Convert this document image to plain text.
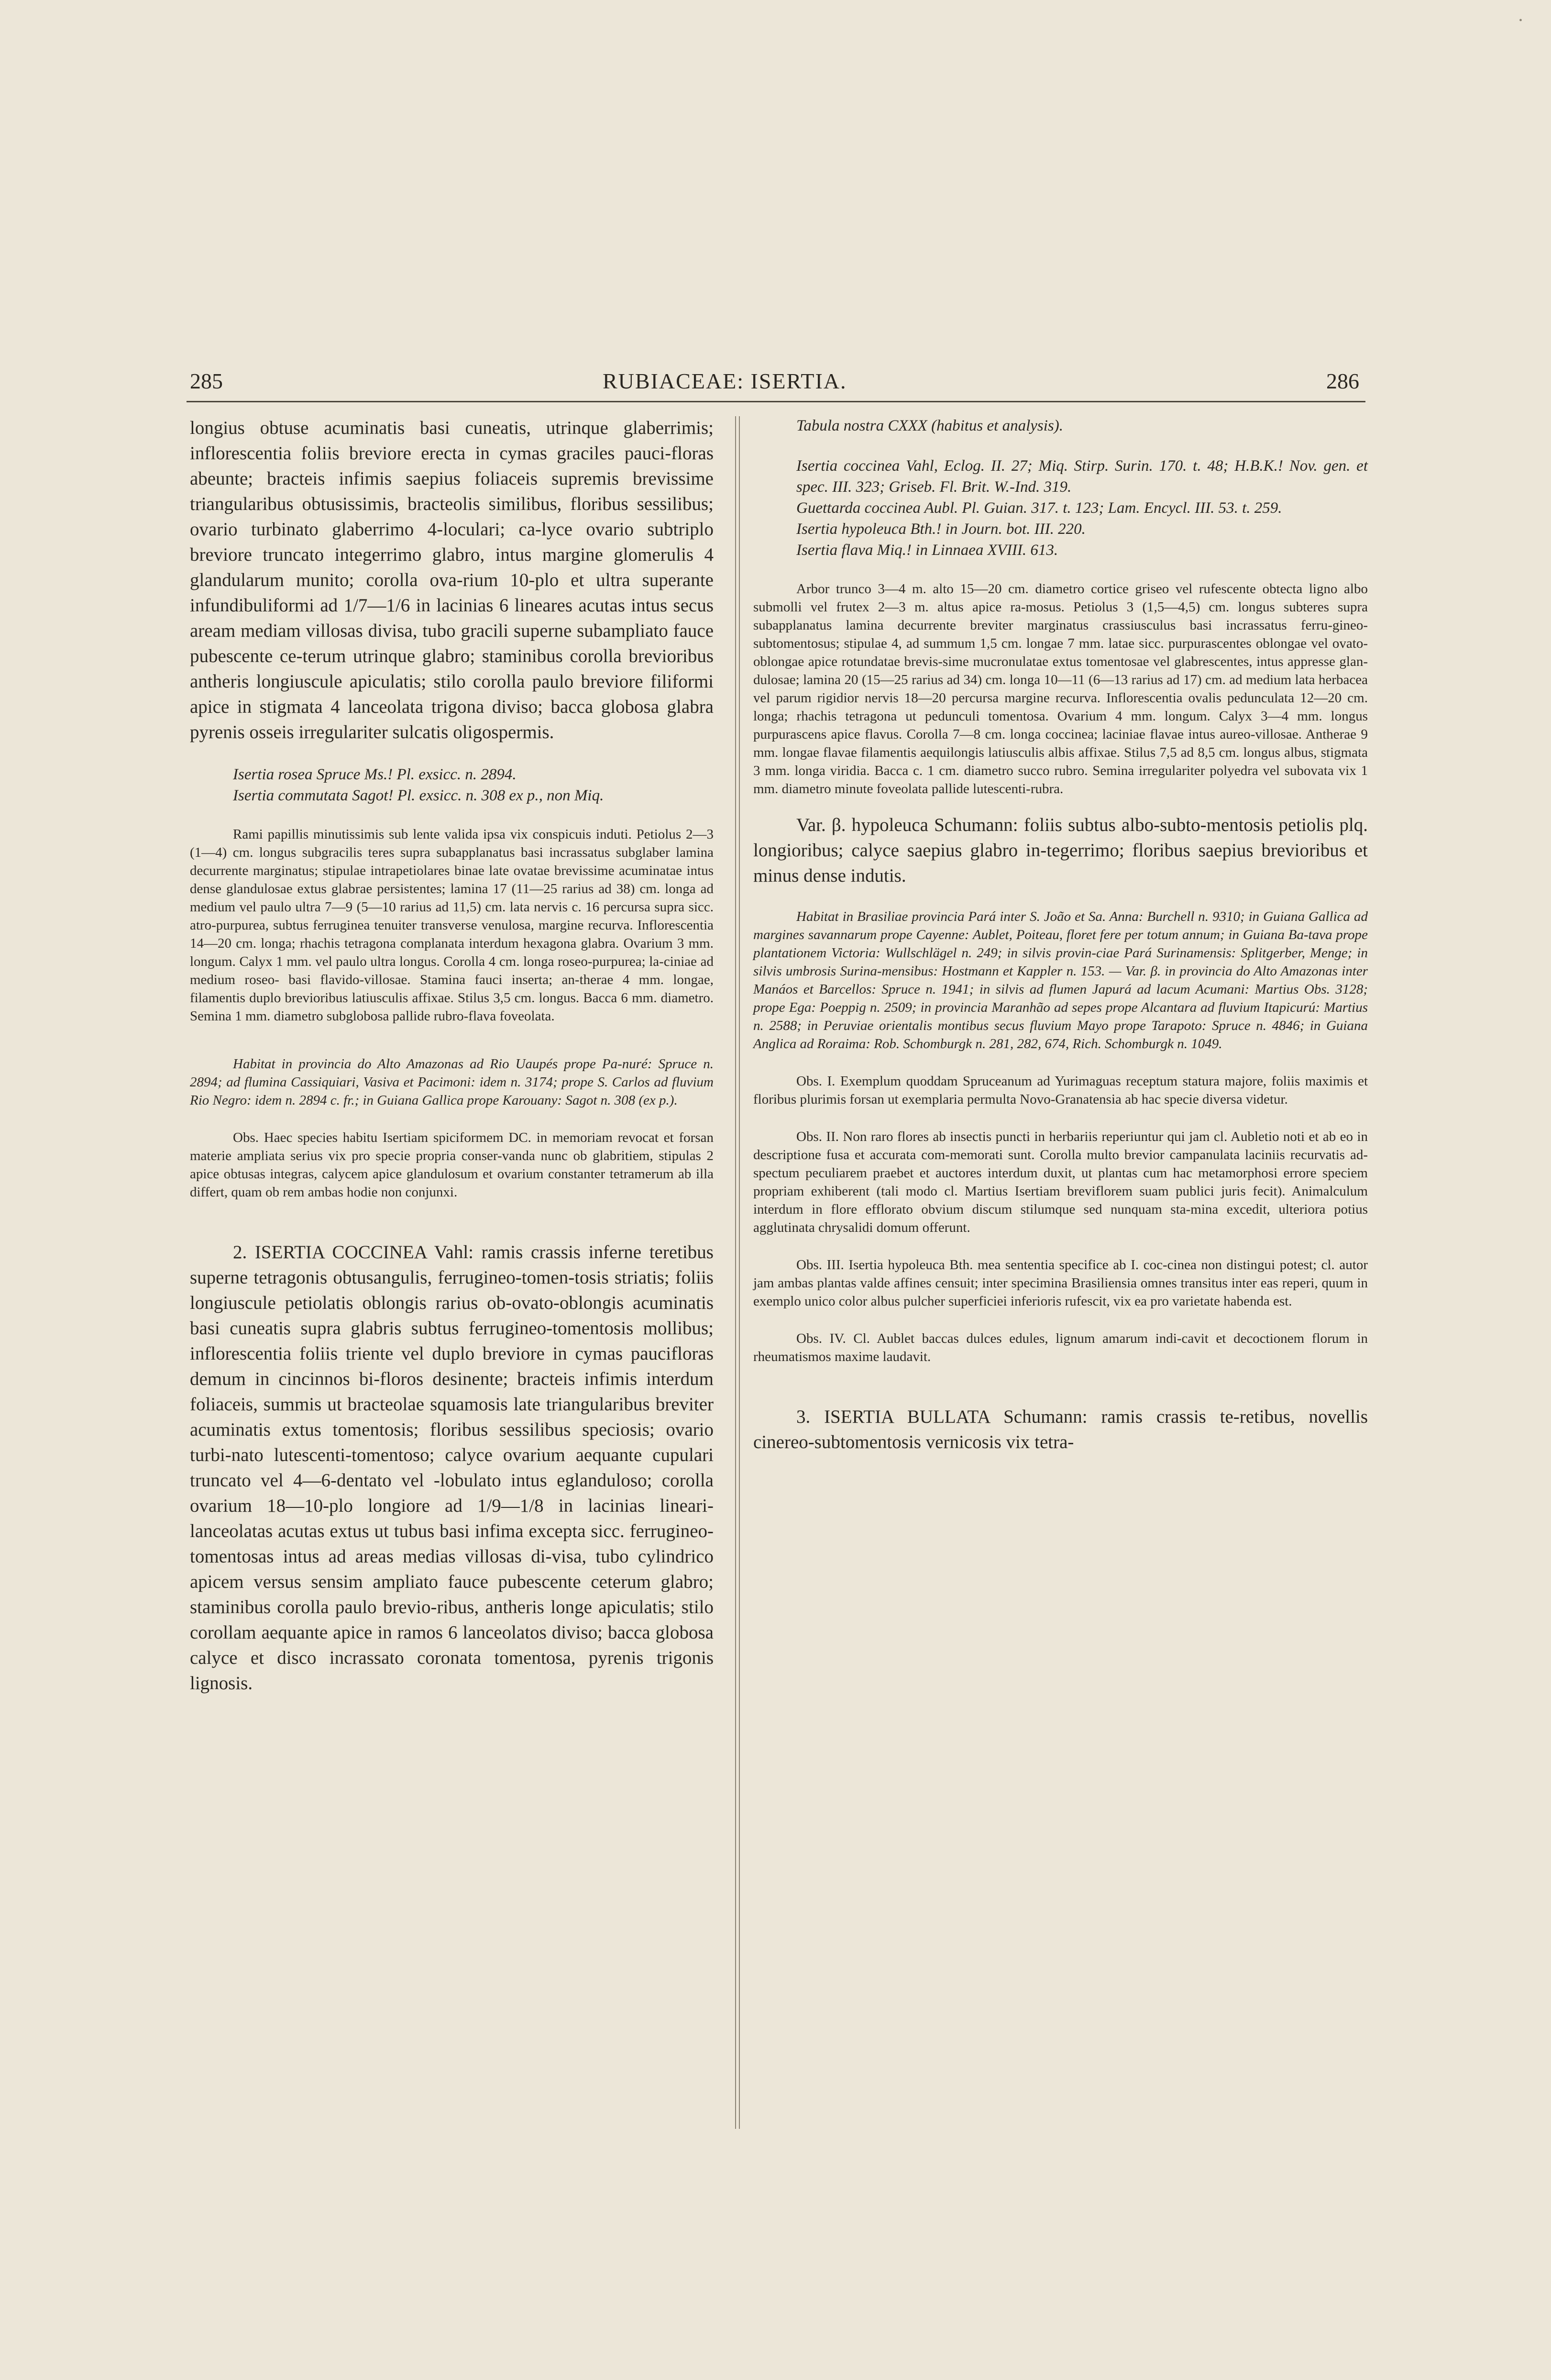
•
285	RUBIACEAE: ISERTIA.	286

longius obtuse acuminatis basi cuneatis, utrinque glaberrimis; inflorescentia foliis breviore erecta in cymas graciles pauci-floras abeunte; bracteis infimis saepius foliaceis supremis brevissime triangularibus obtusissimis, bracteolis similibus, floribus sessilibus; ovario turbinato glaberrimo 4-loculari; ca-lyce ovario subtriplo breviore truncato integerrimo glabro, intus margine glomerulis 4 glandularum munito; corolla ova-rium 10-plo et ultra superante infundibuliformi ad 1/7—1/6 in lacinias 6 lineares acutas intus secus aream mediam villosas divisa, tubo gracili superne subampliato fauce pubescente ce-terum utrinque glabro; staminibus corolla brevioribus antheris longiuscule apiculatis; stilo corolla paulo breviore filiformi apice in stigmata 4 lanceolata trigona diviso; bacca globosa glabra pyrenis osseis irregulariter sulcatis oligospermis.

Isertia rosea Spruce Ms.! Pl. exsicc. n. 2894.

Isertia commutata Sagot! Pl. exsicc. n. 308 ex p., non Miq.

Rami papillis minutissimis sub lente valida ipsa vix conspicuis induti. Petiolus 2—3 (1—4) cm. longus subgracilis teres supra subapplanatus basi incrassatus subglaber lamina decurrente marginatus; stipulae intrapetiolares binae late ovatae brevissime acuminatae intus dense glandulosae extus glabrae persistentes; lamina 17 (11—25 rarius ad 38) cm. longa ad medium vel paulo ultra 7—9 (5—10 rarius ad 11,5) cm. lata nervis c. 16 percursa supra sicc. atro-purpurea, subtus ferruginea tenuiter transverse venulosa, margine recurva. Inflorescentia 14—20 cm. longa; rhachis tetragona complanata interdum hexagona glabra. Ovarium 3 mm. longum. Calyx 1 mm. vel paulo ultra longus. Corolla 4 cm. longa roseo-purpurea; la-ciniae ad medium roseo- basi flavido-villosae. Stamina fauci inserta; an-therae 4 mm. longae, filamentis duplo brevioribus latiusculis affixae. Stilus 3,5 cm. longus. Bacca 6 mm. diametro. Semina 1 mm. diametro subglobosa pallide rubro-flava foveolata.

Habitat in provincia do Alto Amazonas ad Rio Uaupés prope Pa-nuré: Spruce n. 2894; ad flumina Cassiquiari, Vasiva et Pacimoni: idem n. 3174; prope S. Carlos ad fluvium Rio Negro: idem n. 2894 c. fr.; in Guiana Gallica prope Karouany: Sagot n. 308 (ex p.).

Obs. Haec species habitu Isertiam spiciformem DC. in memoriam revocat et forsan materie ampliata serius vix pro specie propria conser-vanda nunc ob glabritiem, stipulas 2 apice obtusas integras, calycem apice glandulosum et ovarium constanter tetramerum ab illa differt, quam ob rem ambas hodie non conjunxi.

2. ISERTIA COCCINEA Vahl: ramis crassis inferne teretibus superne tetragonis obtusangulis, ferrugineo-tomen-tosis striatis; foliis longiuscule petiolatis oblongis rarius ob-ovato-oblongis acuminatis basi cuneatis supra glabris subtus ferrugineo-tomentosis mollibus; inflorescentia foliis triente vel duplo breviore in cymas paucifloras demum in cincinnos bi-floros desinente; bracteis infimis interdum foliaceis, summis ut bracteolae squamosis late triangularibus breviter acuminatis extus tomentosis; floribus sessilibus speciosis; ovario turbi-nato lutescenti-tomentoso; calyce ovarium aequante cupulari truncato vel 4—6-dentato vel -lobulato intus eglanduloso; corolla ovarium 18—10-plo longiore ad 1/9—1/8 in lacinias lineari-lanceolatas acutas extus ut tubus basi infima excepta sicc. ferrugineo-tomentosas intus ad areas medias villosas di-visa, tubo cylindrico apicem versus sensim ampliato fauce pubescente ceterum glabro; staminibus corolla paulo brevio-ribus, antheris longe apiculatis; stilo corollam aequante apice in ramos 6 lanceolatos diviso; bacca globosa calyce et disco incrassato coronata tomentosa, pyrenis trigonis lignosis.

Tabula nostra CXXX (habitus et analysis).

Isertia coccinea Vahl, Eclog. II. 27; Miq. Stirp. Surin. 170. t. 48; H.B.K.! Nov. gen. et spec. III. 323; Griseb. Fl. Brit. W.-Ind. 319.

Guettarda coccinea Aubl. Pl. Guian. 317. t. 123; Lam. Encycl. III. 53. t. 259.

Isertia hypoleuca Bth.! in Journ. bot. III. 220.

Isertia flava Miq.! in Linnaea XVIII. 613.

Arbor trunco 3—4 m. alto 15—20 cm. diametro cortice griseo vel rufescente obtecta ligno albo submolli vel frutex 2—3 m. altus apice ra-mosus. Petiolus 3 (1,5—4,5) cm. longus subteres supra subapplanatus lamina decurrente breviter marginatus crassiusculus basi incrassatus ferru-gineo-subtomentosus; stipulae 4, ad summum 1,5 cm. longae 7 mm. latae sicc. purpurascentes oblongae vel ovato-oblongae apice rotundatae brevis-sime mucronulatae extus tomentosae vel glabrescentes, intus appresse glan-dulosae; lamina 20 (15—25 rarius ad 34) cm. longa 10—11 (6—13 rarius ad 17) cm. ad medium lata herbacea vel parum rigidior nervis 18—20 percursa margine recurva. Inflorescentia ovalis pedunculata 12—20 cm. longa; rhachis tetragona ut pedunculi tomentosa. Ovarium 4 mm. longum. Calyx 3—4 mm. longus purpurascens apice flavus. Corolla 7—8 cm. longa coccinea; laciniae flavae intus aureo-villosae. Antherae 9 mm. longae flavae filamentis aequilongis latiusculis albis affixae. Stilus 7,5 ad 8,5 cm. longus albus, stigmata 3 mm. longa viridia. Bacca c. 1 cm. diametro succo rubro. Semina irregulariter polyedra vel subovata vix 1 mm. diametro minute foveolata pallide lutescenti-rubra.

Var. β. hypoleuca Schumann: foliis subtus albo-subto-mentosis petiolis plq. longioribus; calyce saepius glabro in-tegerrimo; floribus saepius brevioribus et minus dense indutis.

Habitat in Brasiliae provincia Pará inter S. João et Sa. Anna: Burchell n. 9310; in Guiana Gallica ad margines savannarum prope Cayenne: Aublet, Poiteau, floret fere per totum annum; in Guiana Ba-tava prope plantationem Victoria: Wullschlägel n. 249; in silvis provin-ciae Pará Surinamensis: Splitgerber, Menge; in silvis umbrosis Surina-mensibus: Hostmann et Kappler n. 153. — Var. β. in provincia do Alto Amazonas inter Manáos et Barcellos: Spruce n. 1941; in silvis ad flumen Japurá ad lacum Acumani: Martius Obs. 3128; prope Ega: Poeppig n. 2509; in provincia Maranhão ad sepes prope Alcantara ad fluvium Itapicurú: Martius n. 2588; in Peruviae orientalis montibus secus fluvium Mayo prope Tarapoto: Spruce n. 4846; in Guiana Anglica ad Roraima: Rob. Schomburgk n. 281, 282, 674, Rich. Schomburgk n. 1049.

Obs. I. Exemplum quoddam Spruceanum ad Yurimaguas receptum statura majore, foliis maximis et floribus plurimis forsan ut exemplaria permulta Novo-Granatensia ab hac specie diversa videtur.

Obs. II. Non raro flores ab insectis puncti in herbariis reperiuntur qui jam cl. Aubletio noti et ab eo in descriptione fusa et accurata com-memorati sunt. Corolla multo brevior campanulata laciniis recurvatis ad-spectum peculiarem praebet et auctores interdum duxit, ut plantas cum hac metamorphosi errore speciem propriam exhiberent (tali modo cl. Martius Isertiam breviflorem suam publici juris fecit). Animalculum interdum in flore efflorato obvium discum stilumque sed nunquam sta-mina excedit, ulteriora potius agglutinata chrysalidi domum offerunt.

Obs. III. Isertia hypoleuca Bth. mea sententia specifice ab I. coc-cinea non distingui potest; cl. autor jam ambas plantas valde affines censuit; inter specimina Brasiliensia omnes transitus inter eas reperi, quum in exemplo unico color albus pulcher superficiei inferioris rufescit, vix ea pro varietate habenda est.

Obs. IV. Cl. Aublet baccas dulces edules, lignum amarum indi-cavit et decoctionem florum in rheumatismos maxime laudavit.

3. ISERTIA BULLATA Schumann: ramis crassis te-retibus, novellis cinereo-subtomentosis vernicosis vix tetra-
